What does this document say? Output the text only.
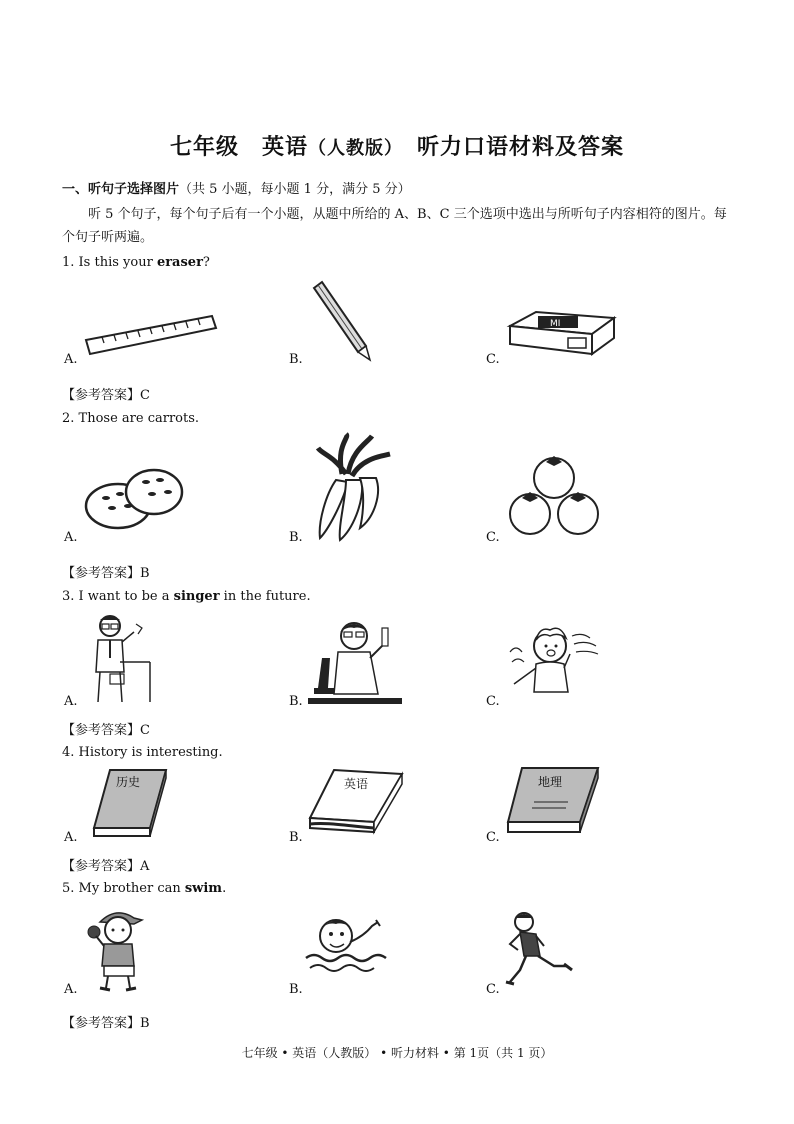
七年级　英语（人教版）　听力口语材料及答案
一、听句子选择图片（共 5 小题，每小题 1 分，满分 5 分）
听 5 个句子，每个句子后有一个小题，从题中所给的 A、B、C 三个选项中选出与所听句子内容相符的图片。每个句子听两遍。
1. Is this your eraser?
A.	B.	C.
MI
【参考答案】C
2. Those are carrots.
A.	B.	C.
【参考答案】B
3. I want to be a singer in the future.
A.	B.	C.
【参考答案】C
4. History is interesting.
A.	B.	C.
历史	英语	地理
【参考答案】A
5. My brother can swim.
A.	B.	C.
【参考答案】B
七年级 • 英语（人教版） • 听力材料 • 第 1页（共 1 页）
